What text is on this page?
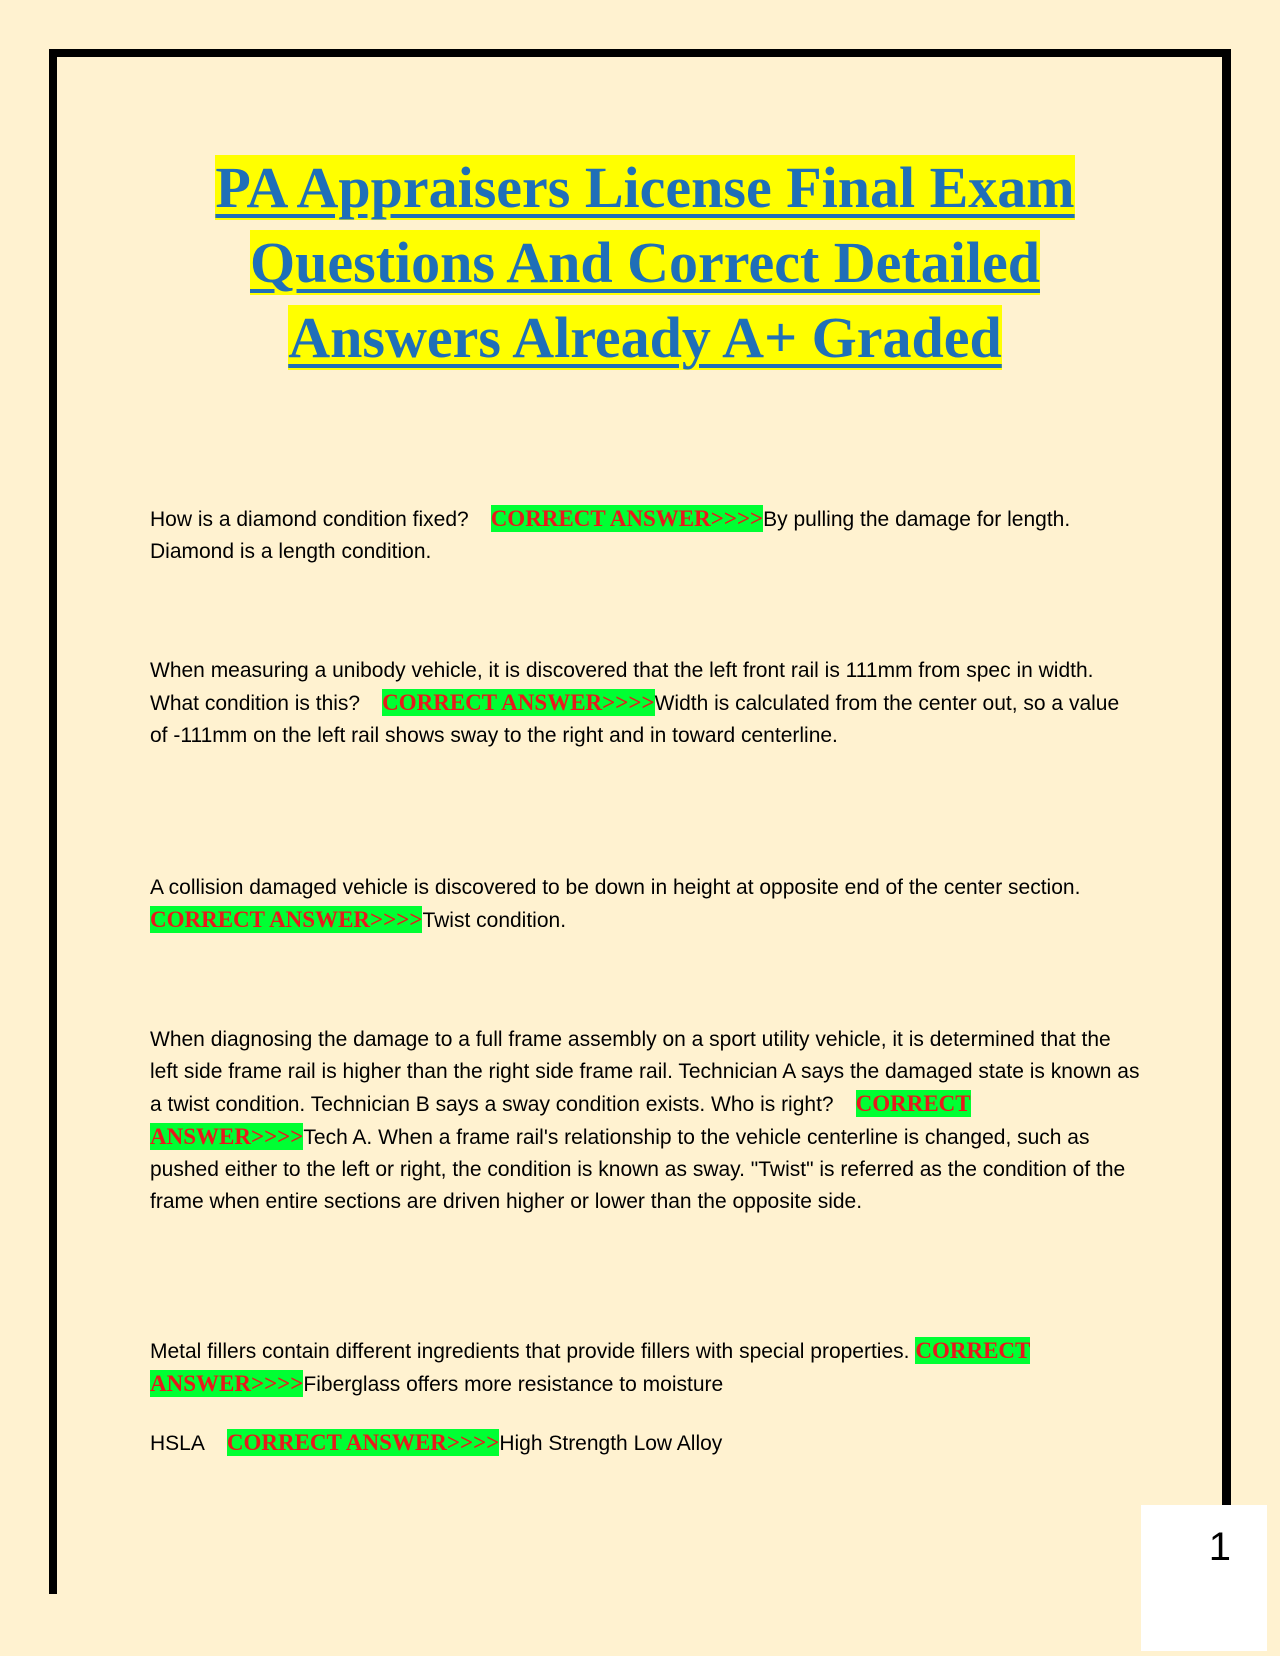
PA Appraisers License Final Exam
Questions And Correct Detailed
Answers Already A+ Graded

How is a diamond condition fixed? CORRECT ANSWER>>>>By pulling the damage for length. Diamond is a length condition.

When measuring a unibody vehicle, it is discovered that the left front rail is 111mm from spec in width. What condition is this? CORRECT ANSWER>>>>Width is calculated from the center out, so a value of -111mm on the left rail shows sway to the right and in toward centerline.

A collision damaged vehicle is discovered to be down in height at opposite end of the center section.CORRECT ANSWER>>>>Twist condition.

When diagnosing the damage to a full frame assembly on a sport utility vehicle, it is determined that the left side frame rail is higher than the right side frame rail. Technician A says the damaged state is known as a twist condition. Technician B says a sway condition exists. Who is right? CORRECT ANSWER>>>>Tech A. When a frame rail's relationship to the vehicle centerline is changed, such as pushed either to the left or right, the condition is known as sway. "Twist" is referred as the condition of the frame when entire sections are driven higher or lower than the opposite side.

Metal fillers contain different ingredients that provide fillers with special properties. CORRECT ANSWER>>>>Fiberglass offers more resistance to moisture

HSLA CORRECT ANSWER>>>>High Strength Low Alloy

1
